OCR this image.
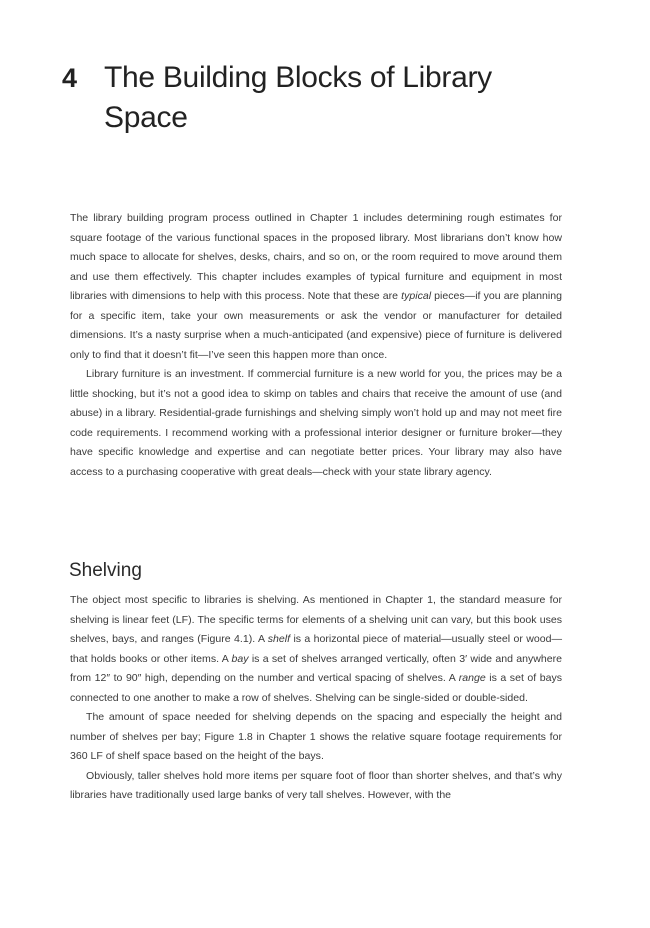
4 The Building Blocks of Library Space

The library building program process outlined in Chapter 1 includes determining rough estimates for square footage of the various functional spaces in the proposed library. Most librarians don’t know how much space to allocate for shelves, desks, chairs, and so on, or the room required to move around them and use them effectively. This chapter includes examples of typical furniture and equipment in most libraries with dimensions to help with this process. Note that these are typical pieces—if you are planning for a specific item, take your own measurements or ask the vendor or manufacturer for detailed dimensions. It’s a nasty surprise when a much-anticipated (and expensive) piece of furniture is delivered only to find that it doesn’t fit—I’ve seen this happen more than once.

Library furniture is an investment. If commercial furniture is a new world for you, the prices may be a little shocking, but it’s not a good idea to skimp on tables and chairs that receive the amount of use (and abuse) in a library. Residential-grade furnishings and shelving simply won’t hold up and may not meet fire code requirements. I recommend working with a professional interior designer or furniture broker—they have specific knowledge and expertise and can negotiate better prices. Your library may also have access to a purchasing cooperative with great deals—check with your state library agency.

Shelving

The object most specific to libraries is shelving. As mentioned in Chapter 1, the standard measure for shelving is linear feet (LF). The specific terms for elements of a shelving unit can vary, but this book uses shelves, bays, and ranges (Figure 4.1). A shelf is a horizontal piece of material—usually steel or wood—that holds books or other items. A bay is a set of shelves arranged vertically, often 3′ wide and anywhere from 12″ to 90″ high, depending on the number and vertical spacing of shelves. A range is a set of bays connected to one another to make a row of shelves. Shelving can be single-sided or double-sided.

The amount of space needed for shelving depends on the spacing and especially the height and number of shelves per bay; Figure 1.8 in Chapter 1 shows the relative square footage requirements for 360 LF of shelf space based on the height of the bays.

Obviously, taller shelves hold more items per square foot of floor than shorter shelves, and that’s why libraries have traditionally used large banks of very tall shelves. However, with the
